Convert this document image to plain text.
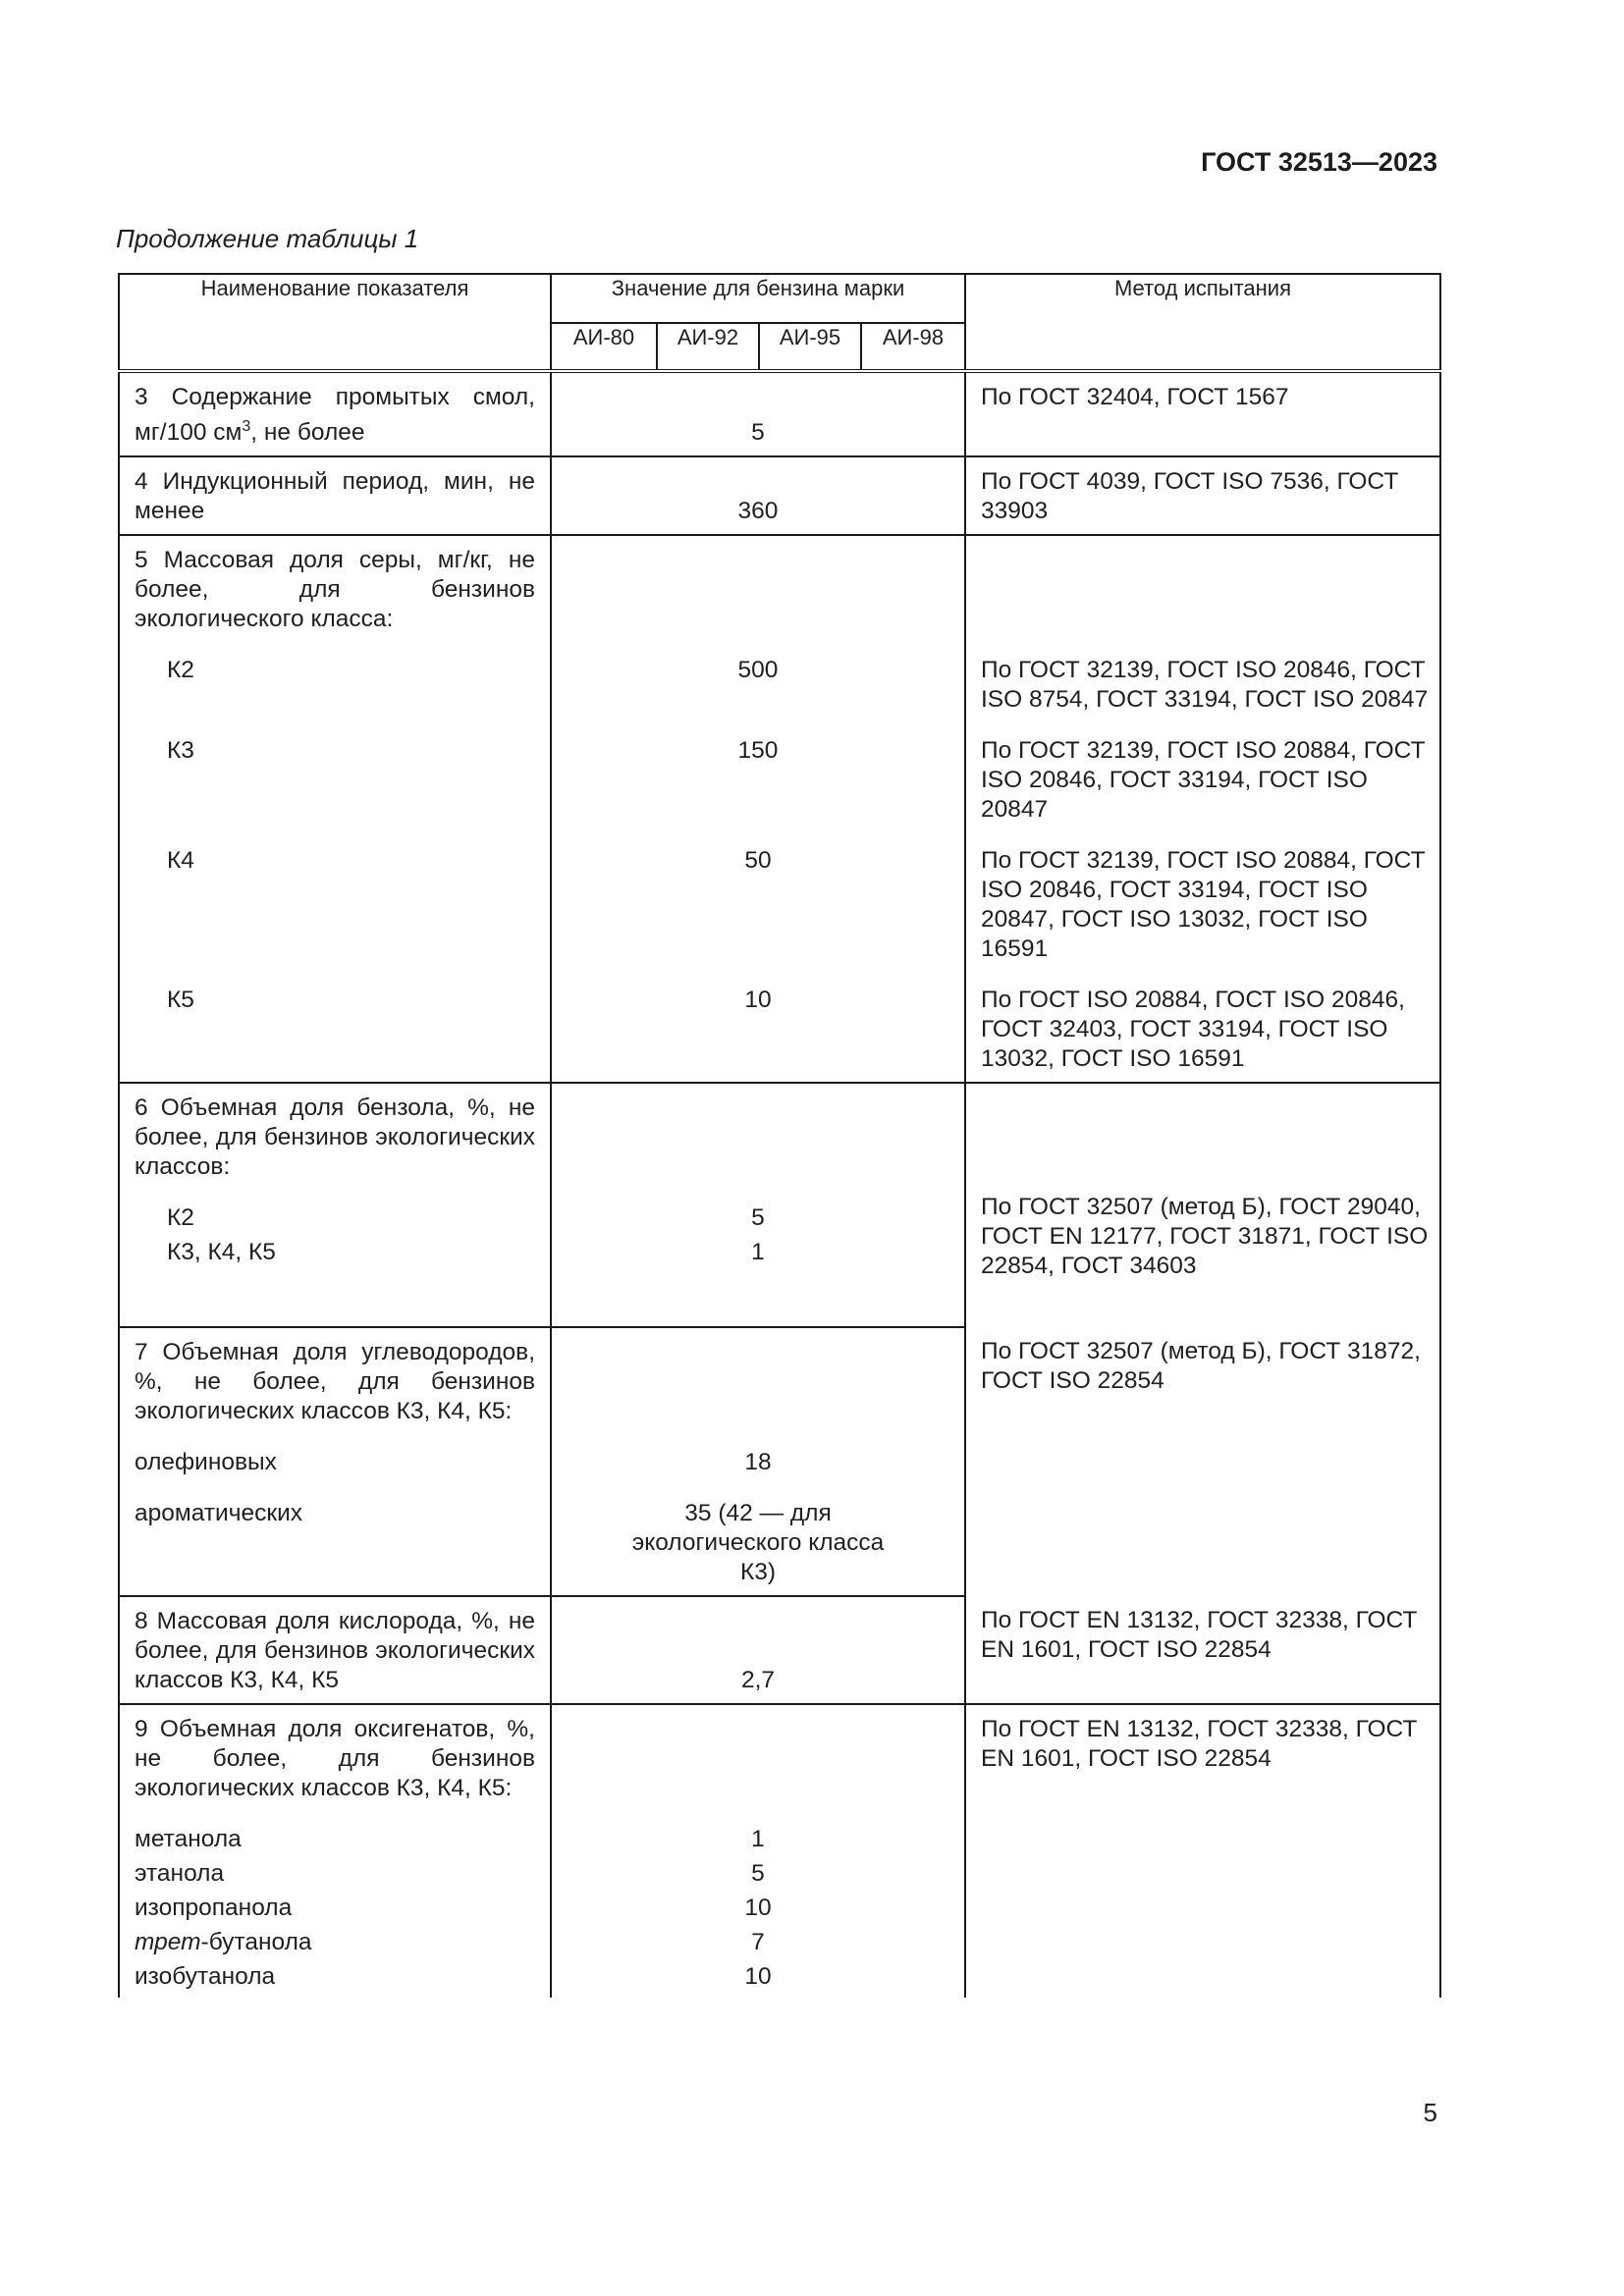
ГОСТ 32513—2023
Продолжение таблицы 1
Наименование показателя	Значение для бензина марки				Метод испытания
	АИ-80	АИ-92	АИ-95	АИ-98	
3 Содержание промытых смол, мг/100 $см^3$, не более	5				По ГОСТ 32404, ГОСТ 1567
4 Индукционный период, мин, не менее	360				По ГОСТ 4039, ГОСТ ISO 7536, ГОСТ 33903
5 Массовая доля серы, мг/кг, не более, для бензинов экологического класса:					
К2	500				По ГОСТ 32139, ГОСТ ISO 20846, ГОСТ ISO 8754, ГОСТ 33194, ГОСТ ISO 20847
К3	150				По ГОСТ 32139, ГОСТ ISO 20884, ГОСТ ISO 20846, ГОСТ 33194, ГОСТ ISO 20847
К4	50				По ГОСТ 32139, ГОСТ ISO 20884, ГОСТ ISO 20846, ГОСТ 33194, ГОСТ ISO 20847, ГОСТ ISO 13032, ГОСТ ISO 16591
К5	10				По ГОСТ ISO 20884, ГОСТ ISO 20846, ГОСТ 32403, ГОСТ 33194, ГОСТ ISO 13032, ГОСТ ISO 16591
6 Объемная доля бензола, %, не более, для бензинов экологических классов:					По ГОСТ 32507 (метод Б), ГОСТ 29040, ГОСТ EN 12177, ГОСТ 31871, ГОСТ ISO 22854, ГОСТ 34603
К2	5				
К3, К4, К5	1				
7 Объемная доля углеводородов, %, не более, для бензинов экологических классов К3, К4, К5:					По ГОСТ 32507 (метод Б), ГОСТ 31872, ГОСТ ISO 22854
олефиновых	18				
ароматических	35 (42 — для экологического класса К3)				
8 Массовая доля кислорода, %, не более, для бензинов экологических классов К3, К4, К5	2,7				По ГОСТ EN 13132, ГОСТ 32338, ГОСТ EN 1601, ГОСТ ISO 22854
9 Объемная доля оксигенатов, %, не более, для бензинов экологических классов К3, К4, К5:					По ГОСТ EN 13132, ГОСТ 32338, ГОСТ EN 1601, ГОСТ ISO 22854
метанола	1				
этанола	5				
изопропанола	10				
трет-бутанола	7				
изобутанола	10				
5
